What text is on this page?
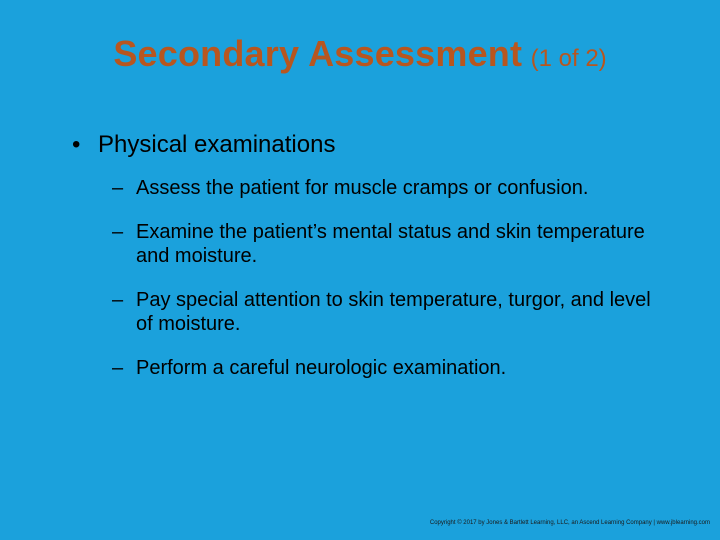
Secondary Assessment (1 of 2)
• Physical examinations
– Assess the patient for muscle cramps or confusion.
– Examine the patient’s mental status and skin temperature and moisture.
– Pay special attention to skin temperature, turgor, and level of moisture.
– Perform a careful neurologic examination.
Copyright © 2017 by Jones & Bartlett Learning, LLC, an Ascend Learning Company | www.jblearning.com
